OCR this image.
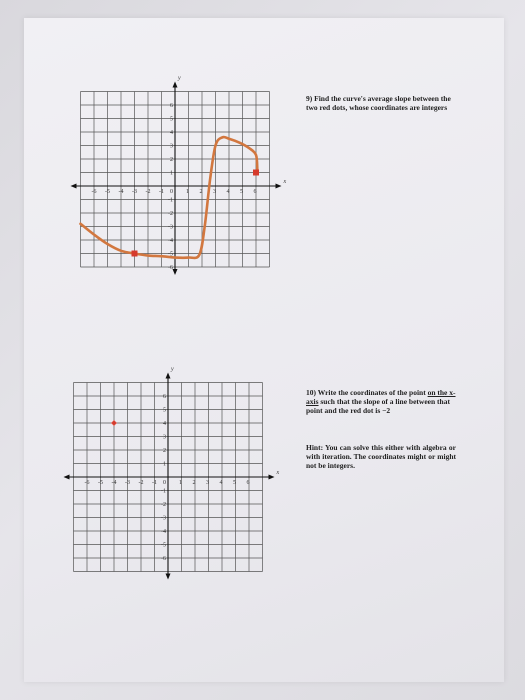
x
y
-6 -5 -4 -3 -2 -1 0 1 2 3 4 5 6
1
2
3
4
5
6
-1
-2
-3
-4
-5
-6
x
y
-6 -5 -4 -3 -2 -1 0 1 2 3 4 5 6
1
2
3
4
5
6
-1
-2
-3
-4
-5
-6
9) Find the curve's average slope between the two red dots, whose coordinates are integers
10) Write the coordinates of the point on the x-axis such that the slope of a line between that point and the red dot is −2
Hint: You can solve this either with algebra or with iteration. The coordinates might or might not be integers.
